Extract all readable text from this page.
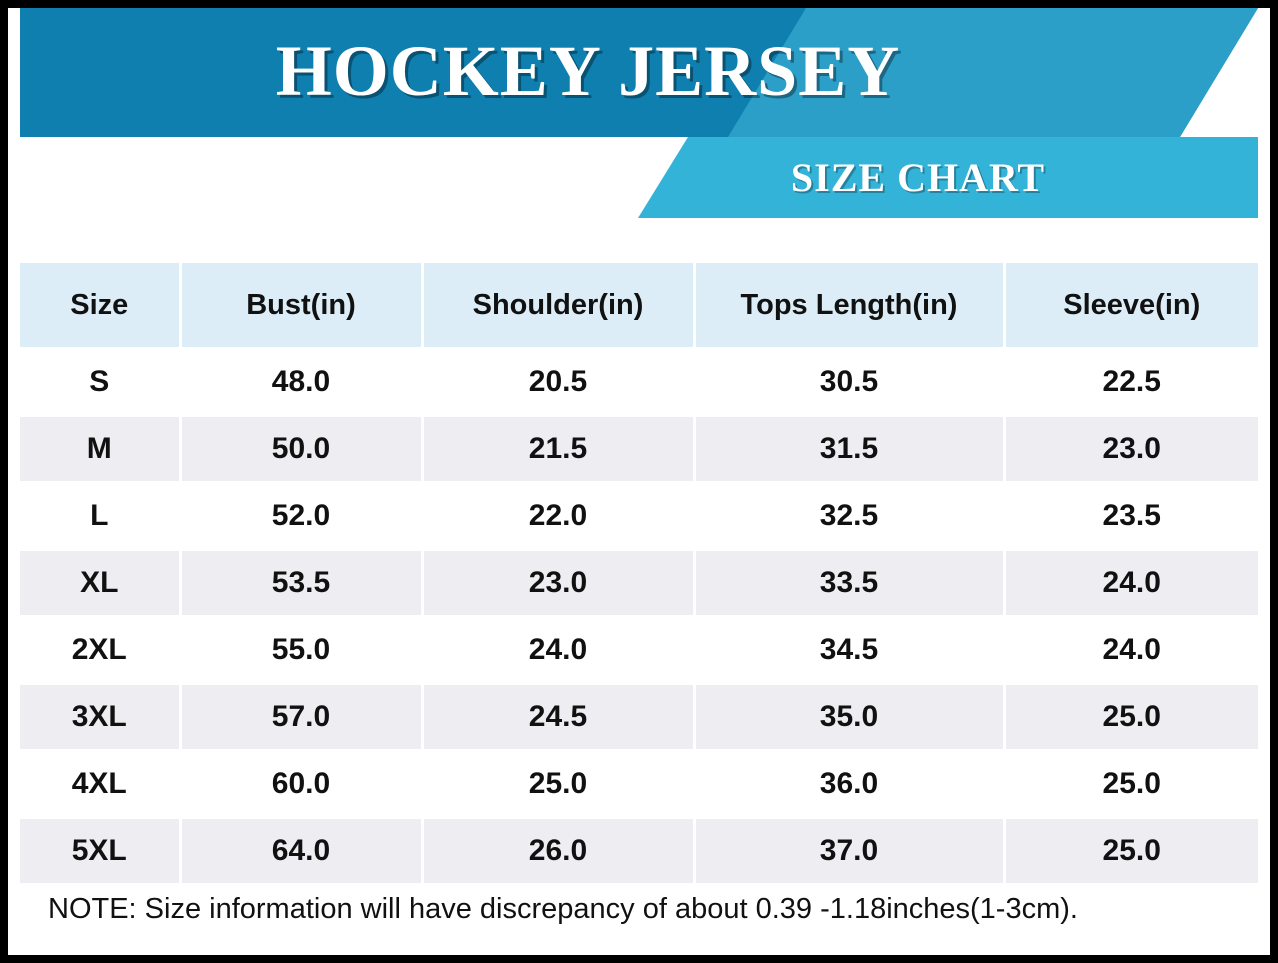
HOCKEY JERSEY
SIZE CHART
Size	Bust(in)	Shoulder(in)	Tops Length(in)	Sleeve(in)
S	48.0	20.5	30.5	22.5
M	50.0	21.5	31.5	23.0
L	52.0	22.0	32.5	23.5
XL	53.5	23.0	33.5	24.0
2XL	55.0	24.0	34.5	24.0
3XL	57.0	24.5	35.0	25.0
4XL	60.0	25.0	36.0	25.0
5XL	64.0	26.0	37.0	25.0
NOTE: Size information will have discrepancy of about 0.39 -1.18inches(1-3cm).
